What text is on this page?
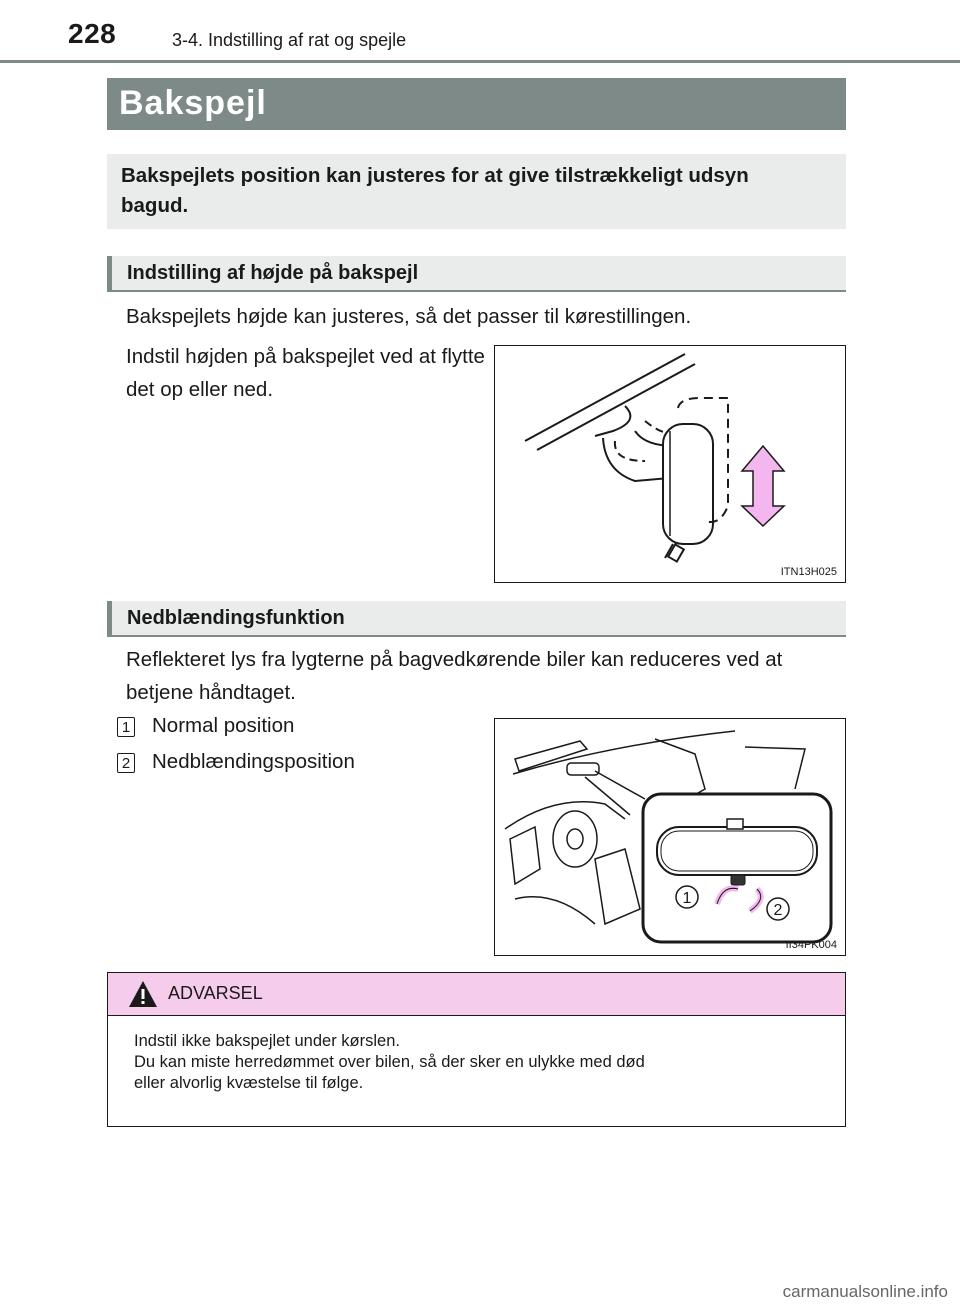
228	3-4. Indstilling af rat og spejle
Bakspejl
Bakspejlets position kan justeres for at give tilstrækkeligt udsyn bagud.
Indstilling af højde på bakspejl
Bakspejlets højde kan justeres, så det passer til kørestillingen.
Indstil højden på bakspejlet ved at flytte det op eller ned.
ITN13H025
Nedblændingsfunktion
Reflekteret lys fra lygterne på bagvedkørende biler kan reduceres ved at betjene håndtaget.
1 Normal position
2 Nedblændingsposition
1
2
II34PK004
ADVARSEL
Indstil ikke bakspejlet under kørslen.
Du kan miste herredømmet over bilen, så der sker en ulykke med død
eller alvorlig kvæstelse til følge.
carmanualsonline.info
